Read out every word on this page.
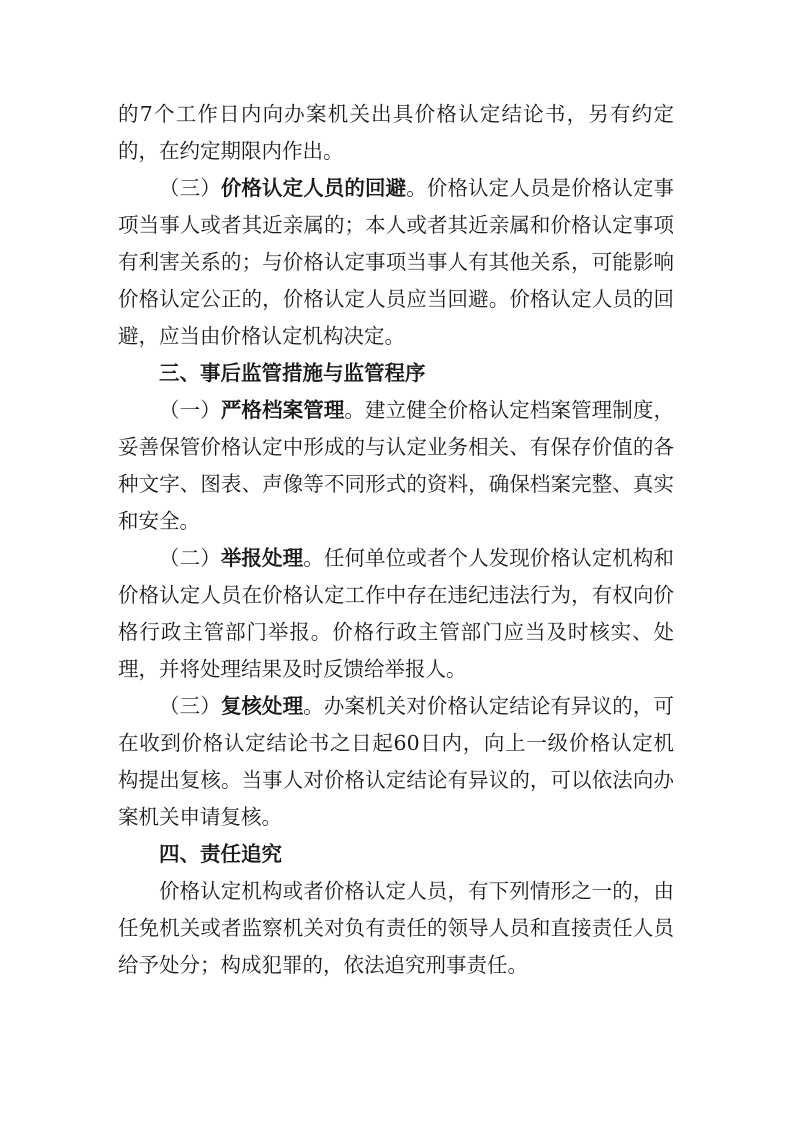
的7个工作日内向办案机关出具价格认定结论书，另有约定的，在约定期限内作出。

（三）价格认定人员的回避。价格认定人员是价格认定事项当事人或者其近亲属的；本人或者其近亲属和价格认定事项有利害关系的；与价格认定事项当事人有其他关系，可能影响价格认定公正的，价格认定人员应当回避。价格认定人员的回避，应当由价格认定机构决定。

三、事后监管措施与监管程序

（一）严格档案管理。建立健全价格认定档案管理制度，妥善保管价格认定中形成的与认定业务相关、有保存价值的各种文字、图表、声像等不同形式的资料，确保档案完整、真实和安全。

（二）举报处理。任何单位或者个人发现价格认定机构和价格认定人员在价格认定工作中存在违纪违法行为，有权向价格行政主管部门举报。价格行政主管部门应当及时核实、处理，并将处理结果及时反馈给举报人。

（三）复核处理。办案机关对价格认定结论有异议的，可在收到价格认定结论书之日起60日内，向上一级价格认定机构提出复核。当事人对价格认定结论有异议的，可以依法向办案机关申请复核。

四、责任追究

价格认定机构或者价格认定人员，有下列情形之一的，由任免机关或者监察机关对负有责任的领导人员和直接责任人员给予处分；构成犯罪的，依法追究刑事责任。
